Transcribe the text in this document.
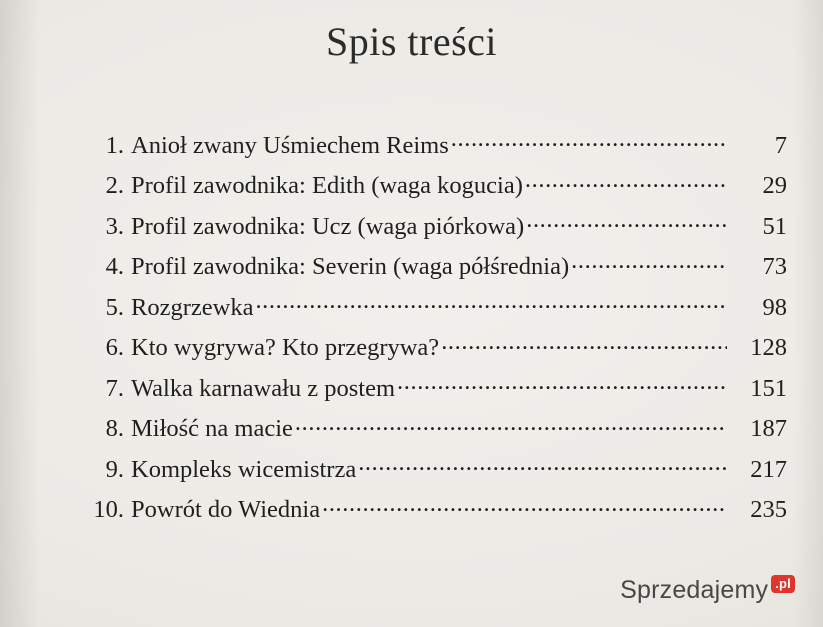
Spis treści
1. Anioł zwany Uśmiechem Reims .....	7
2. Profil zawodnika: Edith (waga kogucia) .....	29
3. Profil zawodnika: Ucz (waga piórkowa) .....	51
4. Profil zawodnika: Severin (waga półśrednia) .....	73
5. Rozgrzewka .....	98
6. Kto wygrywa? Kto przegrywa? .....	128
7. Walka karnawału z postem .....	151
8. Miłość na macie .....	187
9. Kompleks wicemistrza .....	217
10. Powrót do Wiednia .....	235
Sprzedajemy .pl
